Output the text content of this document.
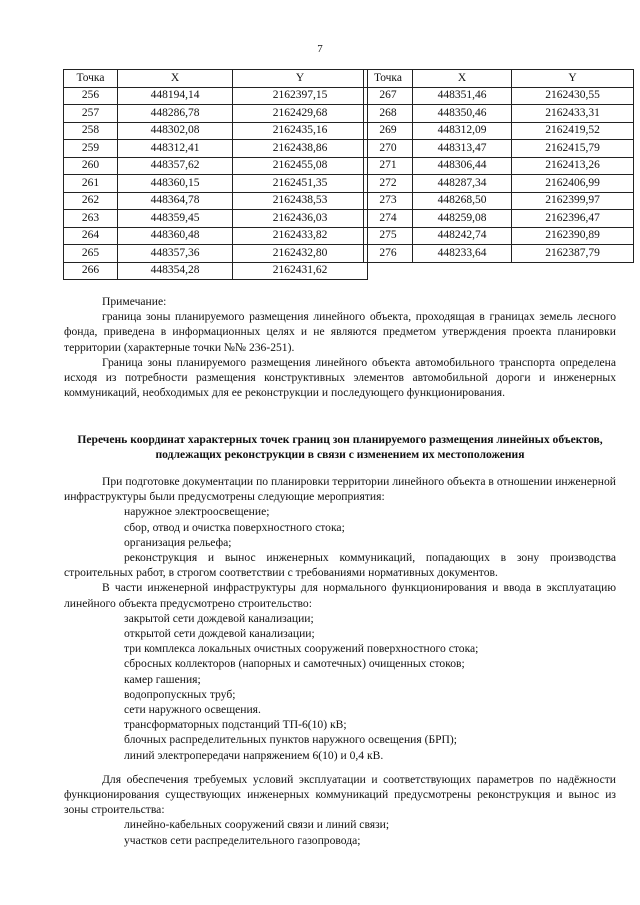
7
Точка	X	Y
256	448194,14	2162397,15
257	448286,78	2162429,68
258	448302,08	2162435,16
259	448312,41	2162438,86
260	448357,62	2162455,08
261	448360,15	2162451,35
262	448364,78	2162438,53
263	448359,45	2162436,03
264	448360,48	2162433,82
265	448357,36	2162432,80
266	448354,28	2162431,62
Точка	X	Y
267	448351,46	2162430,55
268	448350,46	2162433,31
269	448312,09	2162419,52
270	448313,47	2162415,79
271	448306,44	2162413,26
272	448287,34	2162406,99
273	448268,50	2162399,97
274	448259,08	2162396,47
275	448242,74	2162390,89
276	448233,64	2162387,79

Примечание:

граница зоны планируемого размещения линейного объекта, проходящая в границах земель лесного фонда, приведена в информационных целях и не являются предметом утверждения проекта планировки территории (характерные точки №№ 236-251).

Граница зоны планируемого размещения линейного объекта автомобильного транспорта определена исходя из потребности размещения конструктивных элементов автомобильной дороги и инженерных коммуникаций, необходимых для ее реконструкции и последующего функционирования.

Перечень координат характерных точек границ зон планируемого размещения линейных объектов, подлежащих реконструкции в связи с изменением их местоположения

При подготовке документации по планировки территории линейного объекта в отношении инженерной инфраструктуры были предусмотрены следующие мероприятия:

наружное электроосвещение;

сбор, отвод и очистка поверхностного стока;

организация рельефа;

реконструкция и вынос инженерных коммуникаций, попадающих в зону производства строительных работ, в строгом соответствии с требованиями нормативных документов.

В части инженерной инфраструктуры для нормального функционирования и ввода в эксплуатацию линейного объекта предусмотрено строительство:

закрытой сети дождевой канализации;

открытой сети дождевой канализации;

три комплекса локальных очистных сооружений поверхностного стока;

сбросных коллекторов (напорных и самотечных) очищенных стоков;

камер гашения;

водопропускных труб;

сети наружного освещения.

трансформаторных подстанций ТП-6(10) кВ;

блочных распределительных пунктов наружного освещения (БРП);

линий электропередачи напряжением 6(10) и 0,4 кВ.

Для обеспечения требуемых условий эксплуатации и соответствующих параметров по надёжности функционирования существующих инженерных коммуникаций предусмотрены реконструкция и вынос из зоны строительства:

линейно-кабельных сооружений связи и линий связи;

участков сети распределительного газопровода;
